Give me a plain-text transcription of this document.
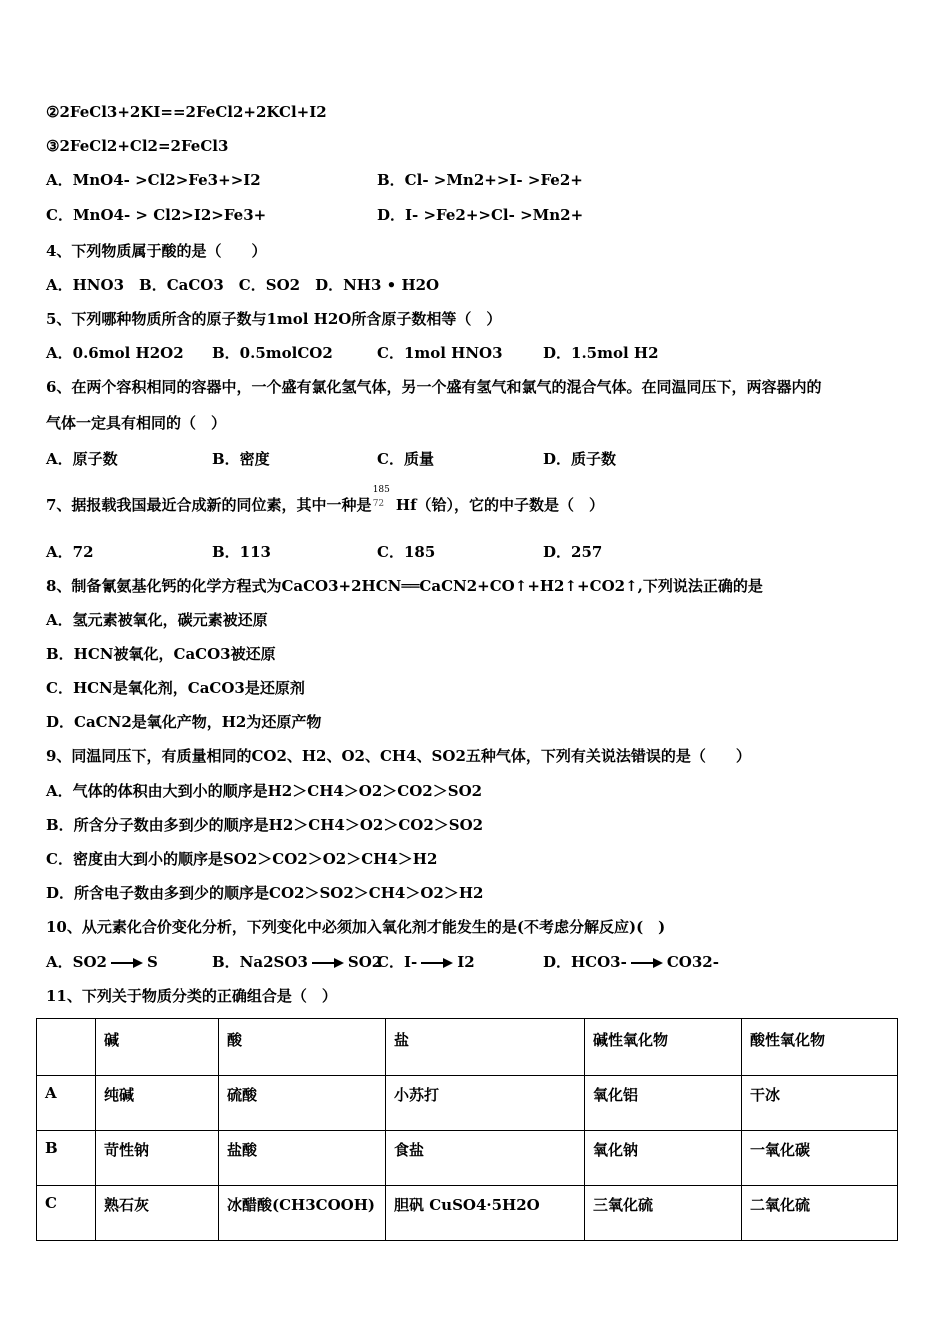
②2FeCl3+2KI==2FeCl2+2KCl+I2
③2FeCl2+Cl2=2FeCl3
A．MnO4- >Cl2>Fe3+>I2	B．Cl- >Mn2+>I- >Fe2+
C．MnO4- > Cl2>I2>Fe3+	D．I- >Fe2+>Cl- >Mn2+
4、下列物质属于酸的是（　　）
A．HNO3　B．CaCO3　C．SO2　D．NH3 • H2O
5、下列哪种物质所含的原子数与1mol H2O所含原子数相等（　）
A．0.6mol H2O2 B．0.5molCO2	C．1mol HNO3	D．1.5mol H2
6、在两个容积相同的容器中，一个盛有氯化氢气体，另一个盛有氢气和氯气的混合气体。在同温同压下，两容器内的
气体一定具有相同的（　）
A．原子数	B．密度	C．质量	D．质子数
7、据报载我国最近合成新的同位素，其中一种是
185
72 Hf（铪），它的中子数是（　）
A．72	B．113	C．185	D．257
8、制备氰氨基化钙的化学方程式为CaCO3+2HCN══CaCN2+CO↑+H2↑+CO2↑,下列说法正确的是
A．氢元素被氧化，碳元素被还原
B．HCN被氧化，CaCO3被还原
C．HCN是氧化剂，CaCO3是还原剂
D．CaCN2是氧化产物，H2为还原产物
9、同温同压下，有质量相同的CO2、H2、O2、CH4、SO2五种气体，下列有关说法错误的是（　　）
A．气体的体积由大到小的顺序是H2＞CH4＞O2＞CO2＞SO2
B．所含分子数由多到少的顺序是H2＞CH4＞O2＞CO2＞SO2
C．密度由大到小的顺序是SO2＞CO2＞O2＞CH4＞H2
D．所含电子数由多到少的顺序是CO2＞SO2＞CH4＞O2＞H2
10、从元素化合价变化分析，下列变化中必须加入氧化剂才能发生的是(不考虑分解反应)(　)
A．SO2	S	B．Na2SO3	SO2
C．I-	I2	D．HCO3-	CO32-
11、下列关于物质分类的正确组合是（　）
	碱	酸	盐	碱性氧化物	酸性氧化物
A	纯碱	硫酸	小苏打	氧化铝	干冰
B	苛性钠	盐酸	食盐	氧化钠	一氧化碳
C	熟石灰	冰醋酸(CH3COOH)	胆矾 CuSO4·5H2O	三氧化硫	二氧化硫
